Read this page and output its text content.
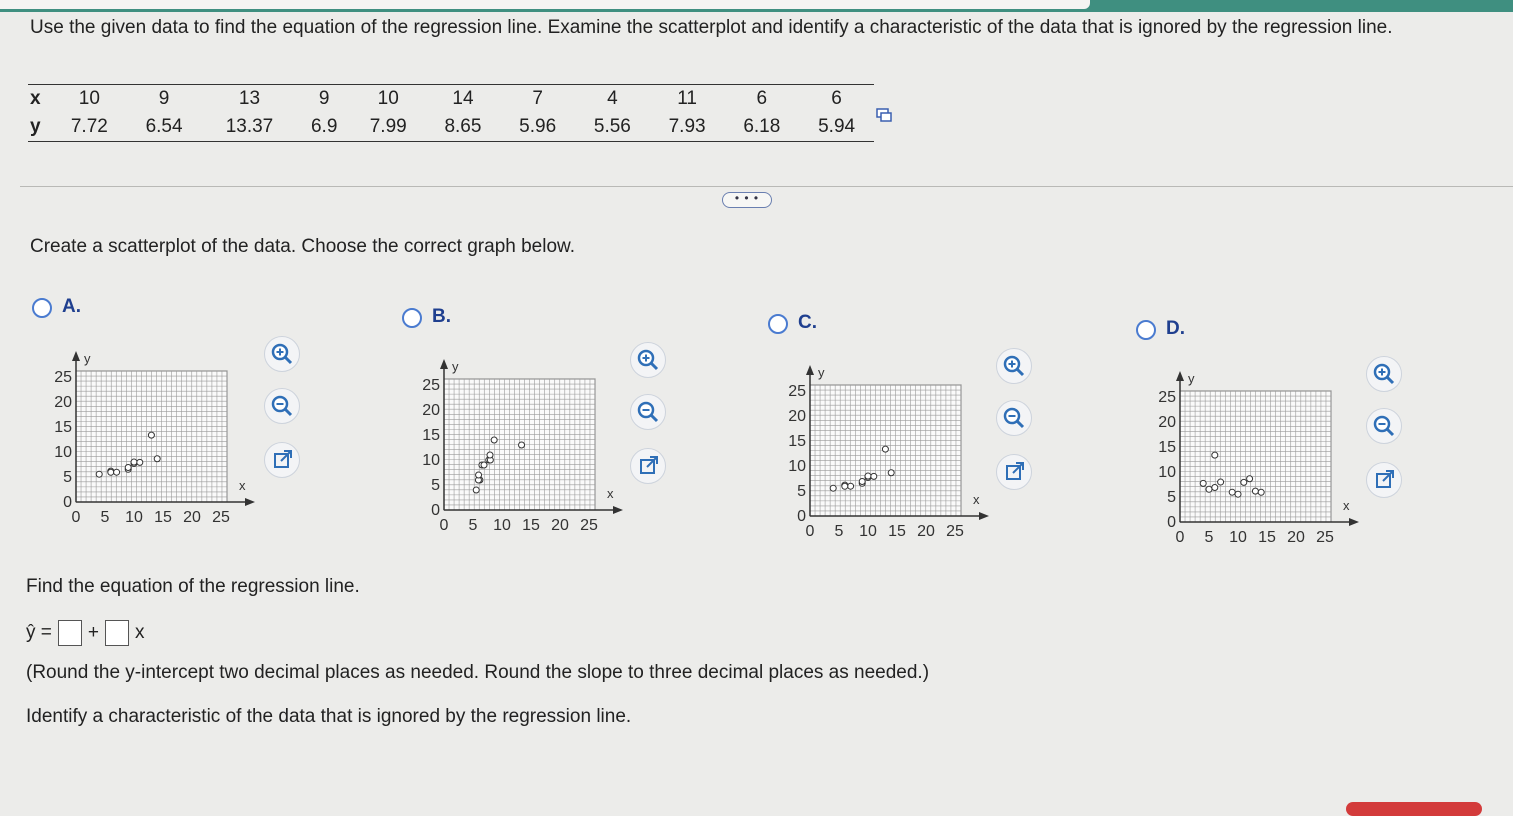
Use the given data to find the equation of the regression line. Examine the scatterplot and identify a characteristic of the data that is ignored by the regression line.
x	10	9	13	9	10	14	7	4	11	6	6
y	7.72	6.54	13.37	6.9	7.99	8.65	5.96	5.56	7.93	6.18	5.94
• • •
Create a scatterplot of the data. Choose the correct graph below.
A.	B.	C.	D.
0
0
5
5
10
10
15
15
20
20
25
25
x
y
0
0
5
5
10
10
15
15
20
20
25
25
x
y
0
0
5
5
10
10
15
15
20
20
25
25
x
y
0
0
5
5
10
10
15
15
20
20
25
25
x
y
Find the equation of the regression line.
ŷ = + x
(Round the y-intercept two decimal places as needed. Round the slope to three decimal places as needed.)
Identify a characteristic of the data that is ignored by the regression line.
